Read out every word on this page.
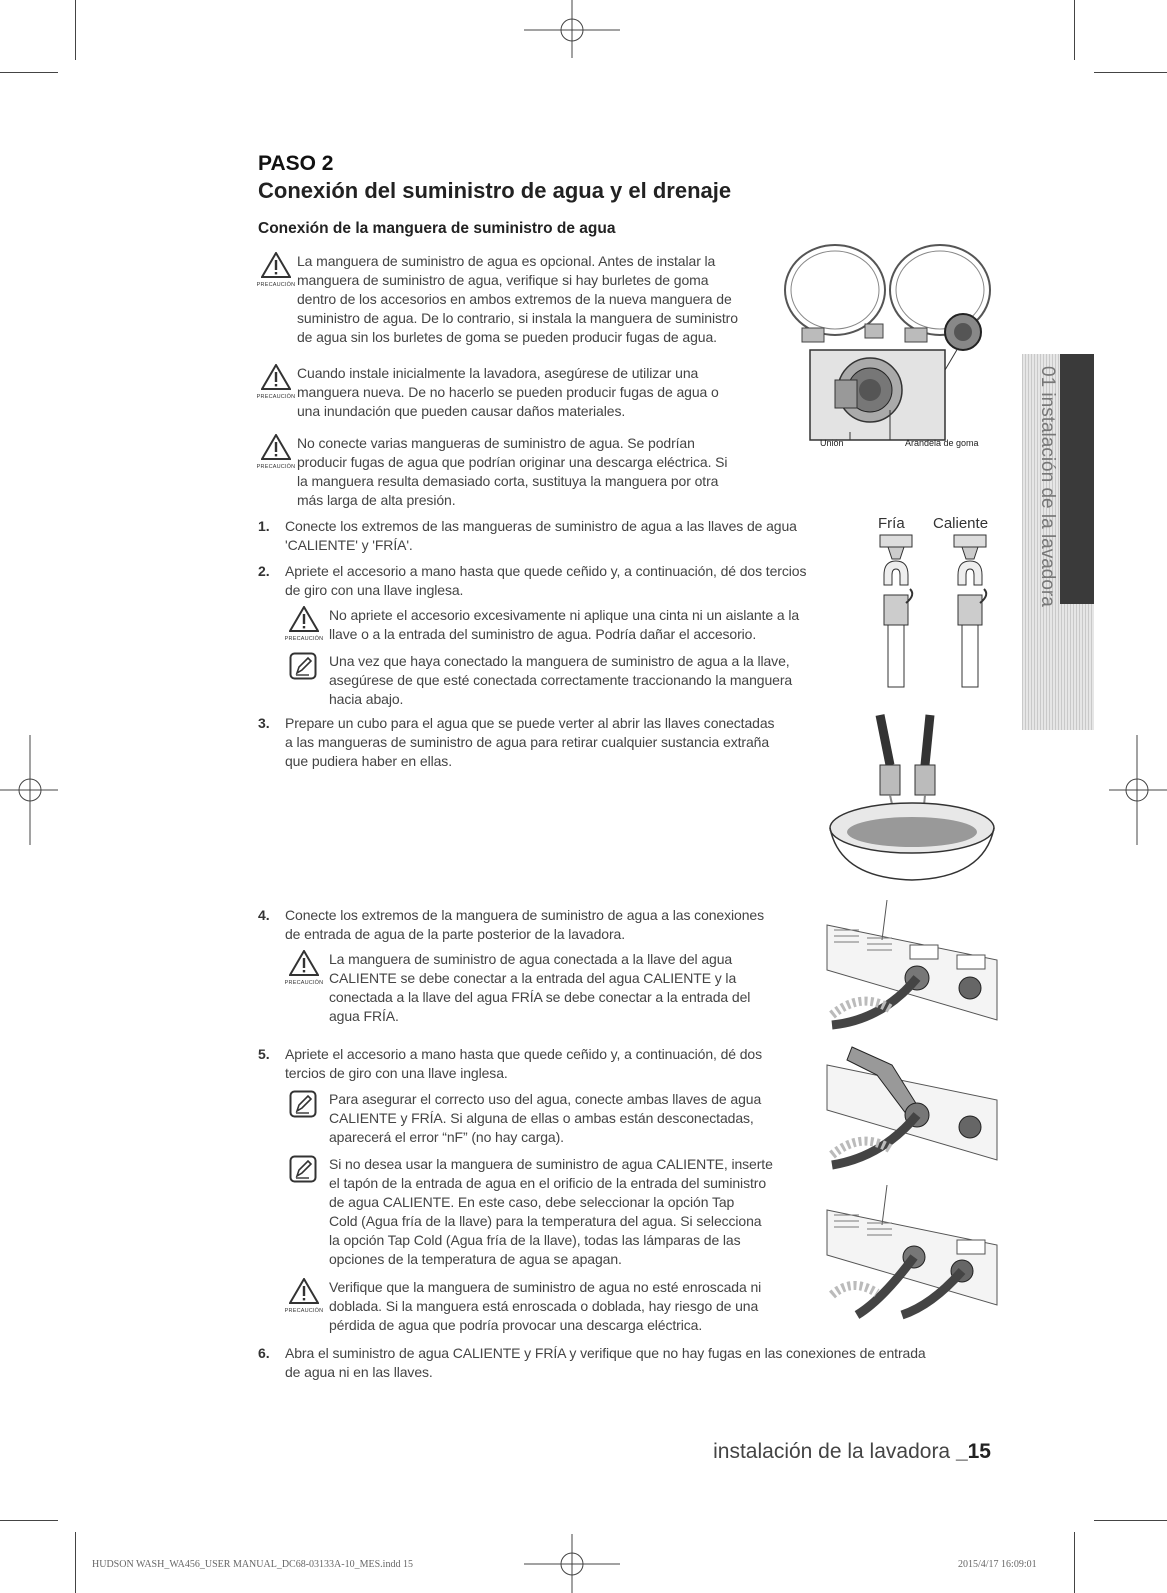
PASO 2
Conexión del suministro de agua y el drenaje
Conexión de la manguera de suministro de agua
PRECAUCIÓN
La manguera de suministro de agua es opcional. Antes de instalar la
manguera de suministro de agua, verifique si hay burletes de goma
dentro de los accesorios en ambos extremos de la nueva manguera de
suministro de agua. De lo contrario, si instala la manguera de suministro
de agua sin los burletes de goma se pueden producir fugas de agua.
PRECAUCIÓN
Cuando instale inicialmente la lavadora, asegúrese de utilizar una
manguera nueva. De no hacerlo se pueden producir fugas de agua o
una inundación que pueden causar daños materiales.
PRECAUCIÓN
No conecte varias mangueras de suministro de agua. Se podrían
producir fugas de agua que podrían originar una descarga eléctrica. Si
la manguera resulta demasiado corta, sustituya la manguera por otra
más larga de alta presión.
1. Conecte los extremos de las mangueras de suministro de agua a las llaves de agua
'CALIENTE' y 'FRÍA'.
2. Apriete el accesorio a mano hasta que quede ceñido y, a continuación, dé dos tercios
de giro con una llave inglesa.
PRECAUCIÓN
No apriete el accesorio excesivamente ni aplique una cinta ni un aislante a la
llave o a la entrada del suministro de agua. Podría dañar el accesorio.
Una vez que haya conectado la manguera de suministro de agua a la llave,
asegúrese de que esté conectada correctamente traccionando la manguera
hacia abajo.
3. Prepare un cubo para el agua que se puede verter al abrir las llaves conectadas
a las mangueras de suministro de agua para retirar cualquier sustancia extraña
que pudiera haber en ellas.
4. Conecte los extremos de la manguera de suministro de agua a las conexiones
de entrada de agua de la parte posterior de la lavadora.
PRECAUCIÓN
La manguera de suministro de agua conectada a la llave del agua
CALIENTE se debe conectar a la entrada del agua CALIENTE y la
conectada a la llave del agua FRÍA se debe conectar a la entrada del
agua FRÍA.
5. Apriete el accesorio a mano hasta que quede ceñido y, a continuación, dé dos
tercios de giro con una llave inglesa.
Para asegurar el correcto uso del agua, conecte ambas llaves de agua
CALIENTE y FRÍA. Si alguna de ellas o ambas están desconectadas,
aparecerá el error “nF” (no hay carga).
Si no desea usar la manguera de suministro de agua CALIENTE, inserte
el tapón de la entrada de agua en el orificio de la entrada del suministro
de agua CALIENTE. En este caso, debe seleccionar la opción Tap
Cold (Agua fría de la llave) para la temperatura del agua. Si selecciona
la opción Tap Cold (Agua fría de la llave), todas las lámparas de las
opciones de la temperatura de agua se apagan.
PRECAUCIÓN
Verifique que la manguera de suministro de agua no esté enroscada ni
doblada. Si la manguera está enroscada o doblada, hay riesgo de una
pérdida de agua que podría provocar una descarga eléctrica.
6. Abra el suministro de agua CALIENTE y FRÍA y verifique que no hay fugas en las conexiones de entrada
de agua ni en las llaves.
Unión	Arandela de goma
Fría Caliente	01 instalación de la lavadora
instalación de la lavadora _15
HUDSON WASH_WA456_USER MANUAL_DC68-03133A-10_MES.indd 15	2015/4/17 16:09:01
